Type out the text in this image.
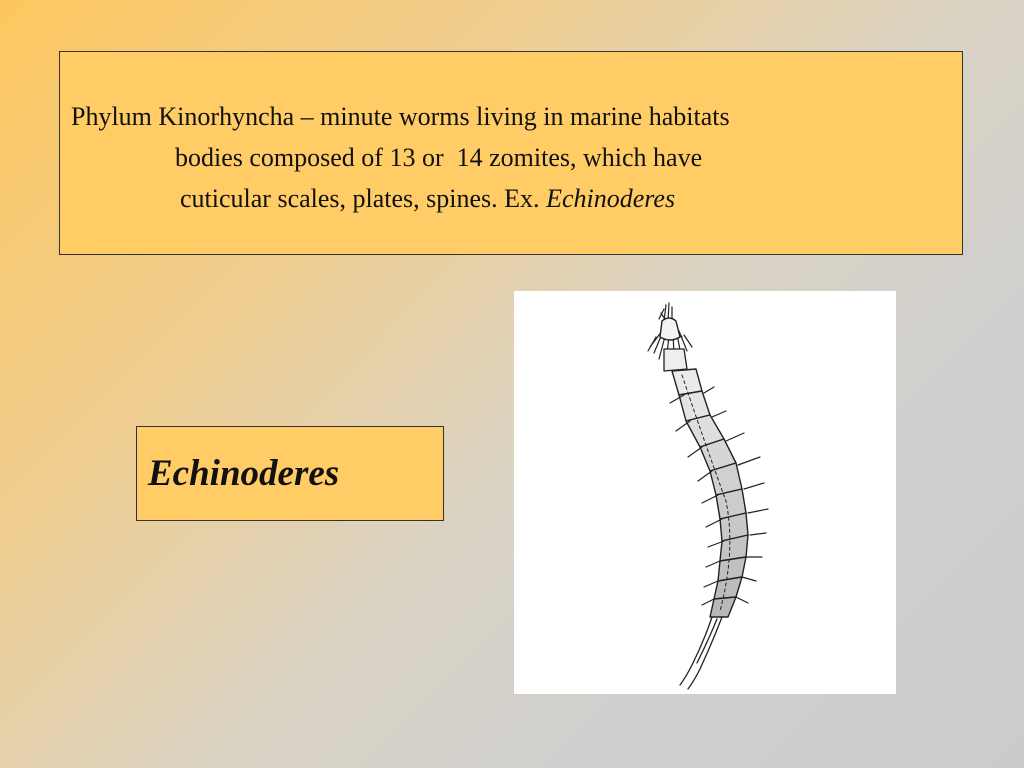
Phylum Kinorhyncha – minute worms living in marine habitats
bodies composed of 13 or  14 zomites, which have
cuticular scales, plates, spines. Ex. Echinoderes
Echinoderes
